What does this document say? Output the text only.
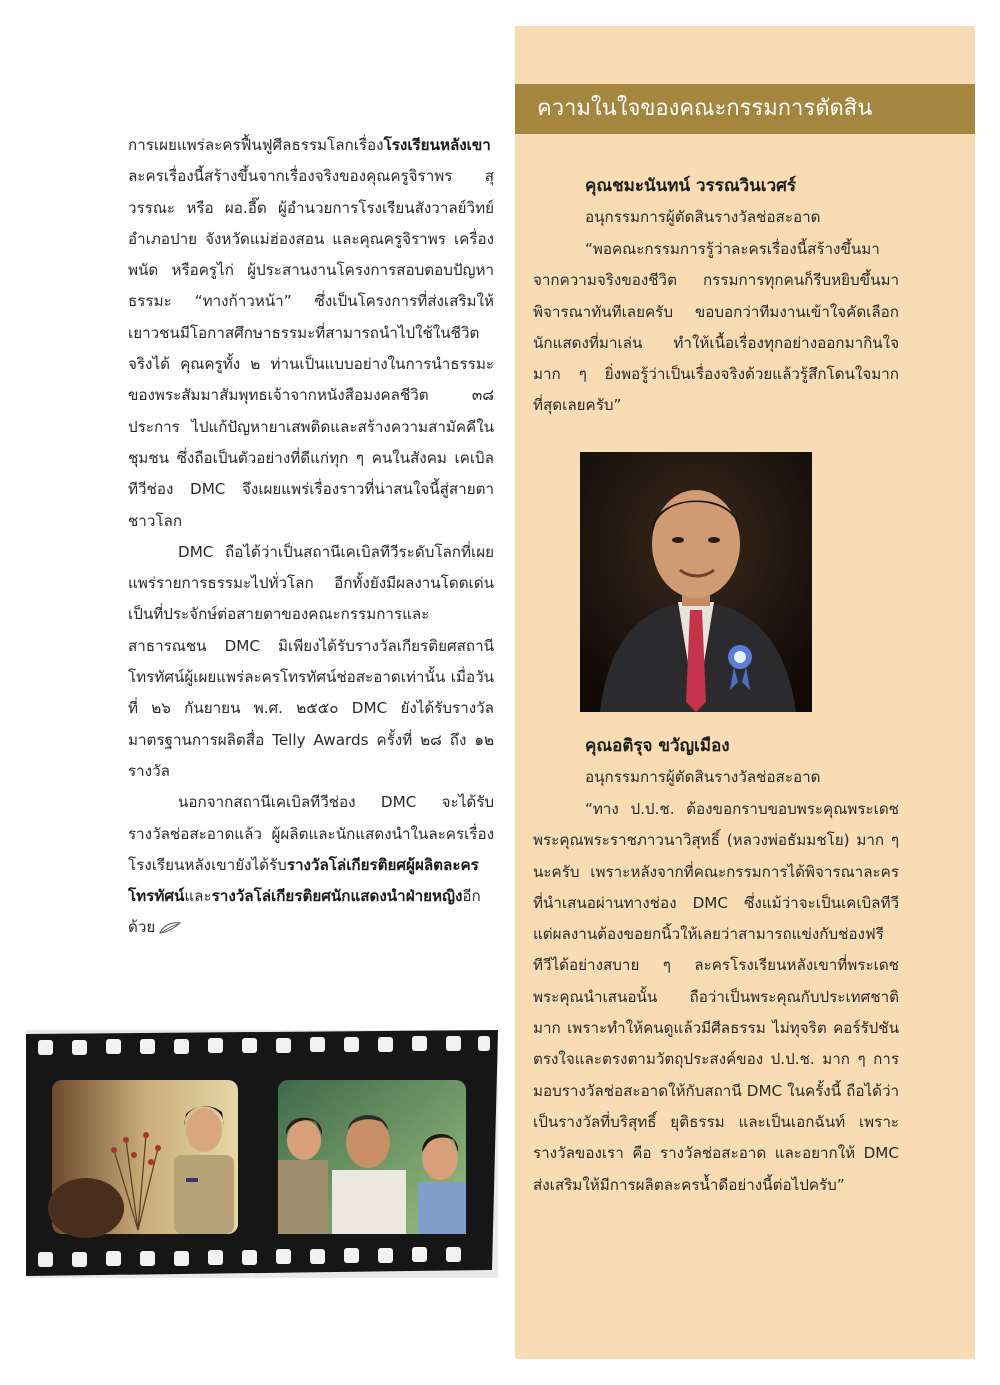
การเผยแพร่ละครฟื้นฟูศีลธรรมโลกเรื่องโรงเรียนหลังเขา ละครเรื่องนี้สร้างขึ้นจากเรื่องจริงของคุณครูจิราพร สุวรรณะ หรือ ผอ.อี๊ด ผู้อำนวยการโรงเรียนสังวาลย์วิทย์ อำเภอปาย จังหวัดแม่ฮ่องสอน และคุณครูจิราพร เครื่องพนัด หรือครูไก่ ผู้ประสานงานโครงการสอบตอบปัญหาธรรมะ “ทางก้าวหน้า” ซึ่งเป็นโครงการที่ส่งเสริมให้เยาวชนมีโอกาสศึกษาธรรมะที่สามารถนำไปใช้ในชีวิตจริงได้ คุณครูทั้ง ๒ ท่านเป็นแบบอย่างในการนำธรรมะของพระสัมมาสัมพุทธเจ้าจากหนังสือมงคลชีวิต ๓๘ ประการ ไปแก้ปัญหายาเสพติดและสร้างความสามัคคีในชุมชน ซึ่งถือเป็นตัวอย่างที่ดีแก่ทุก ๆ คนในสังคม เคเบิลทีวีช่อง DMC จึงเผยแพร่เรื่องราวที่น่าสนใจนี้สู่สายตาชาวโลก

DMC ถือได้ว่าเป็นสถานีเคเบิลทีวีระดับโลกที่เผยแพร่รายการธรรมะไปทั่วโลก อีกทั้งยังมีผลงานโดดเด่นเป็นที่ประจักษ์ต่อสายตาของคณะกรรมการและสาธารณชน DMC มิเพียงได้รับรางวัลเกียรติยศสถานีโทรทัศน์ผู้เผยแพร่ละครโทรทัศน์ช่อสะอาดเท่านั้น เมื่อวันที่ ๒๖ กันยายน พ.ศ. ๒๕๕๐ DMC ยังได้รับรางวัลมาตรฐานการผลิตสื่อ Telly Awards ครั้งที่ ๒๘ ถึง ๑๒ รางวัล

นอกจากสถานีเคเบิลทีวีช่อง DMC จะได้รับรางวัลช่อสะอาดแล้ว ผู้ผลิตและนักแสดงนำในละครเรื่องโรงเรียนหลังเขายังได้รับรางวัลโล่เกียรติยศผู้ผลิตละครโทรทัศน์และรางวัลโล่เกียรติยศนักแสดงนำฝ่ายหญิงอีกด้วย

ความในใจของคณะกรรมการตัดสิน
คุณชมะนันทน์ วรรณวินเวศร์
อนุกรรมการผู้ตัดสินรางวัลช่อสะอาด

“พอคณะกรรมการรู้ว่าละครเรื่องนี้สร้างขึ้นมาจากความจริงของชีวิต กรรมการทุกคนก็รีบหยิบขึ้นมาพิจารณาทันทีเลยครับ ขอบอกว่าทีมงานเข้าใจคัดเลือกนักแสดงที่มาเล่น ทำให้เนื้อเรื่องทุกอย่างออกมากินใจมาก ๆ ยิ่งพอรู้ว่าเป็นเรื่องจริงด้วยแล้วรู้สึกโดนใจมากที่สุดเลยครับ”

คุณอติรุจ ขวัญเมือง
อนุกรรมการผู้ตัดสินรางวัลช่อสะอาด

“ทาง ป.ป.ช. ต้องขอกราบขอบพระคุณพระเดชพระคุณพระราชภาวนาวิสุทธิ์ (หลวงพ่อธัมมชโย) มาก ๆ นะครับ เพราะหลังจากที่คณะกรรมการได้พิจารณาละครที่นำเสนอผ่านทางช่อง DMC ซึ่งแม้ว่าจะเป็นเคเบิลทีวี แต่ผลงานต้องขอยกนิ้วให้เลยว่าสามารถแข่งกับช่องฟรีทีวีได้อย่างสบาย ๆ ละครโรงเรียนหลังเขาที่พระเดชพระคุณนำเสนอนั้น ถือว่าเป็นพระคุณกับประเทศชาติมาก เพราะทำให้คนดูแล้วมีศีลธรรม ไม่ทุจริต คอร์รัปชันตรงใจและตรงตามวัตถุประสงค์ของ ป.ป.ช. มาก ๆ การมอบรางวัลช่อสะอาดให้กับสถานี DMC ในครั้งนี้ ถือได้ว่าเป็นรางวัลที่บริสุทธิ์ ยุติธรรม และเป็นเอกฉันท์ เพราะรางวัลของเรา คือ รางวัลช่อสะอาด และอยากให้ DMC ส่งเสริมให้มีการผลิตละครน้ำดีอย่างนี้ต่อไปครับ”
